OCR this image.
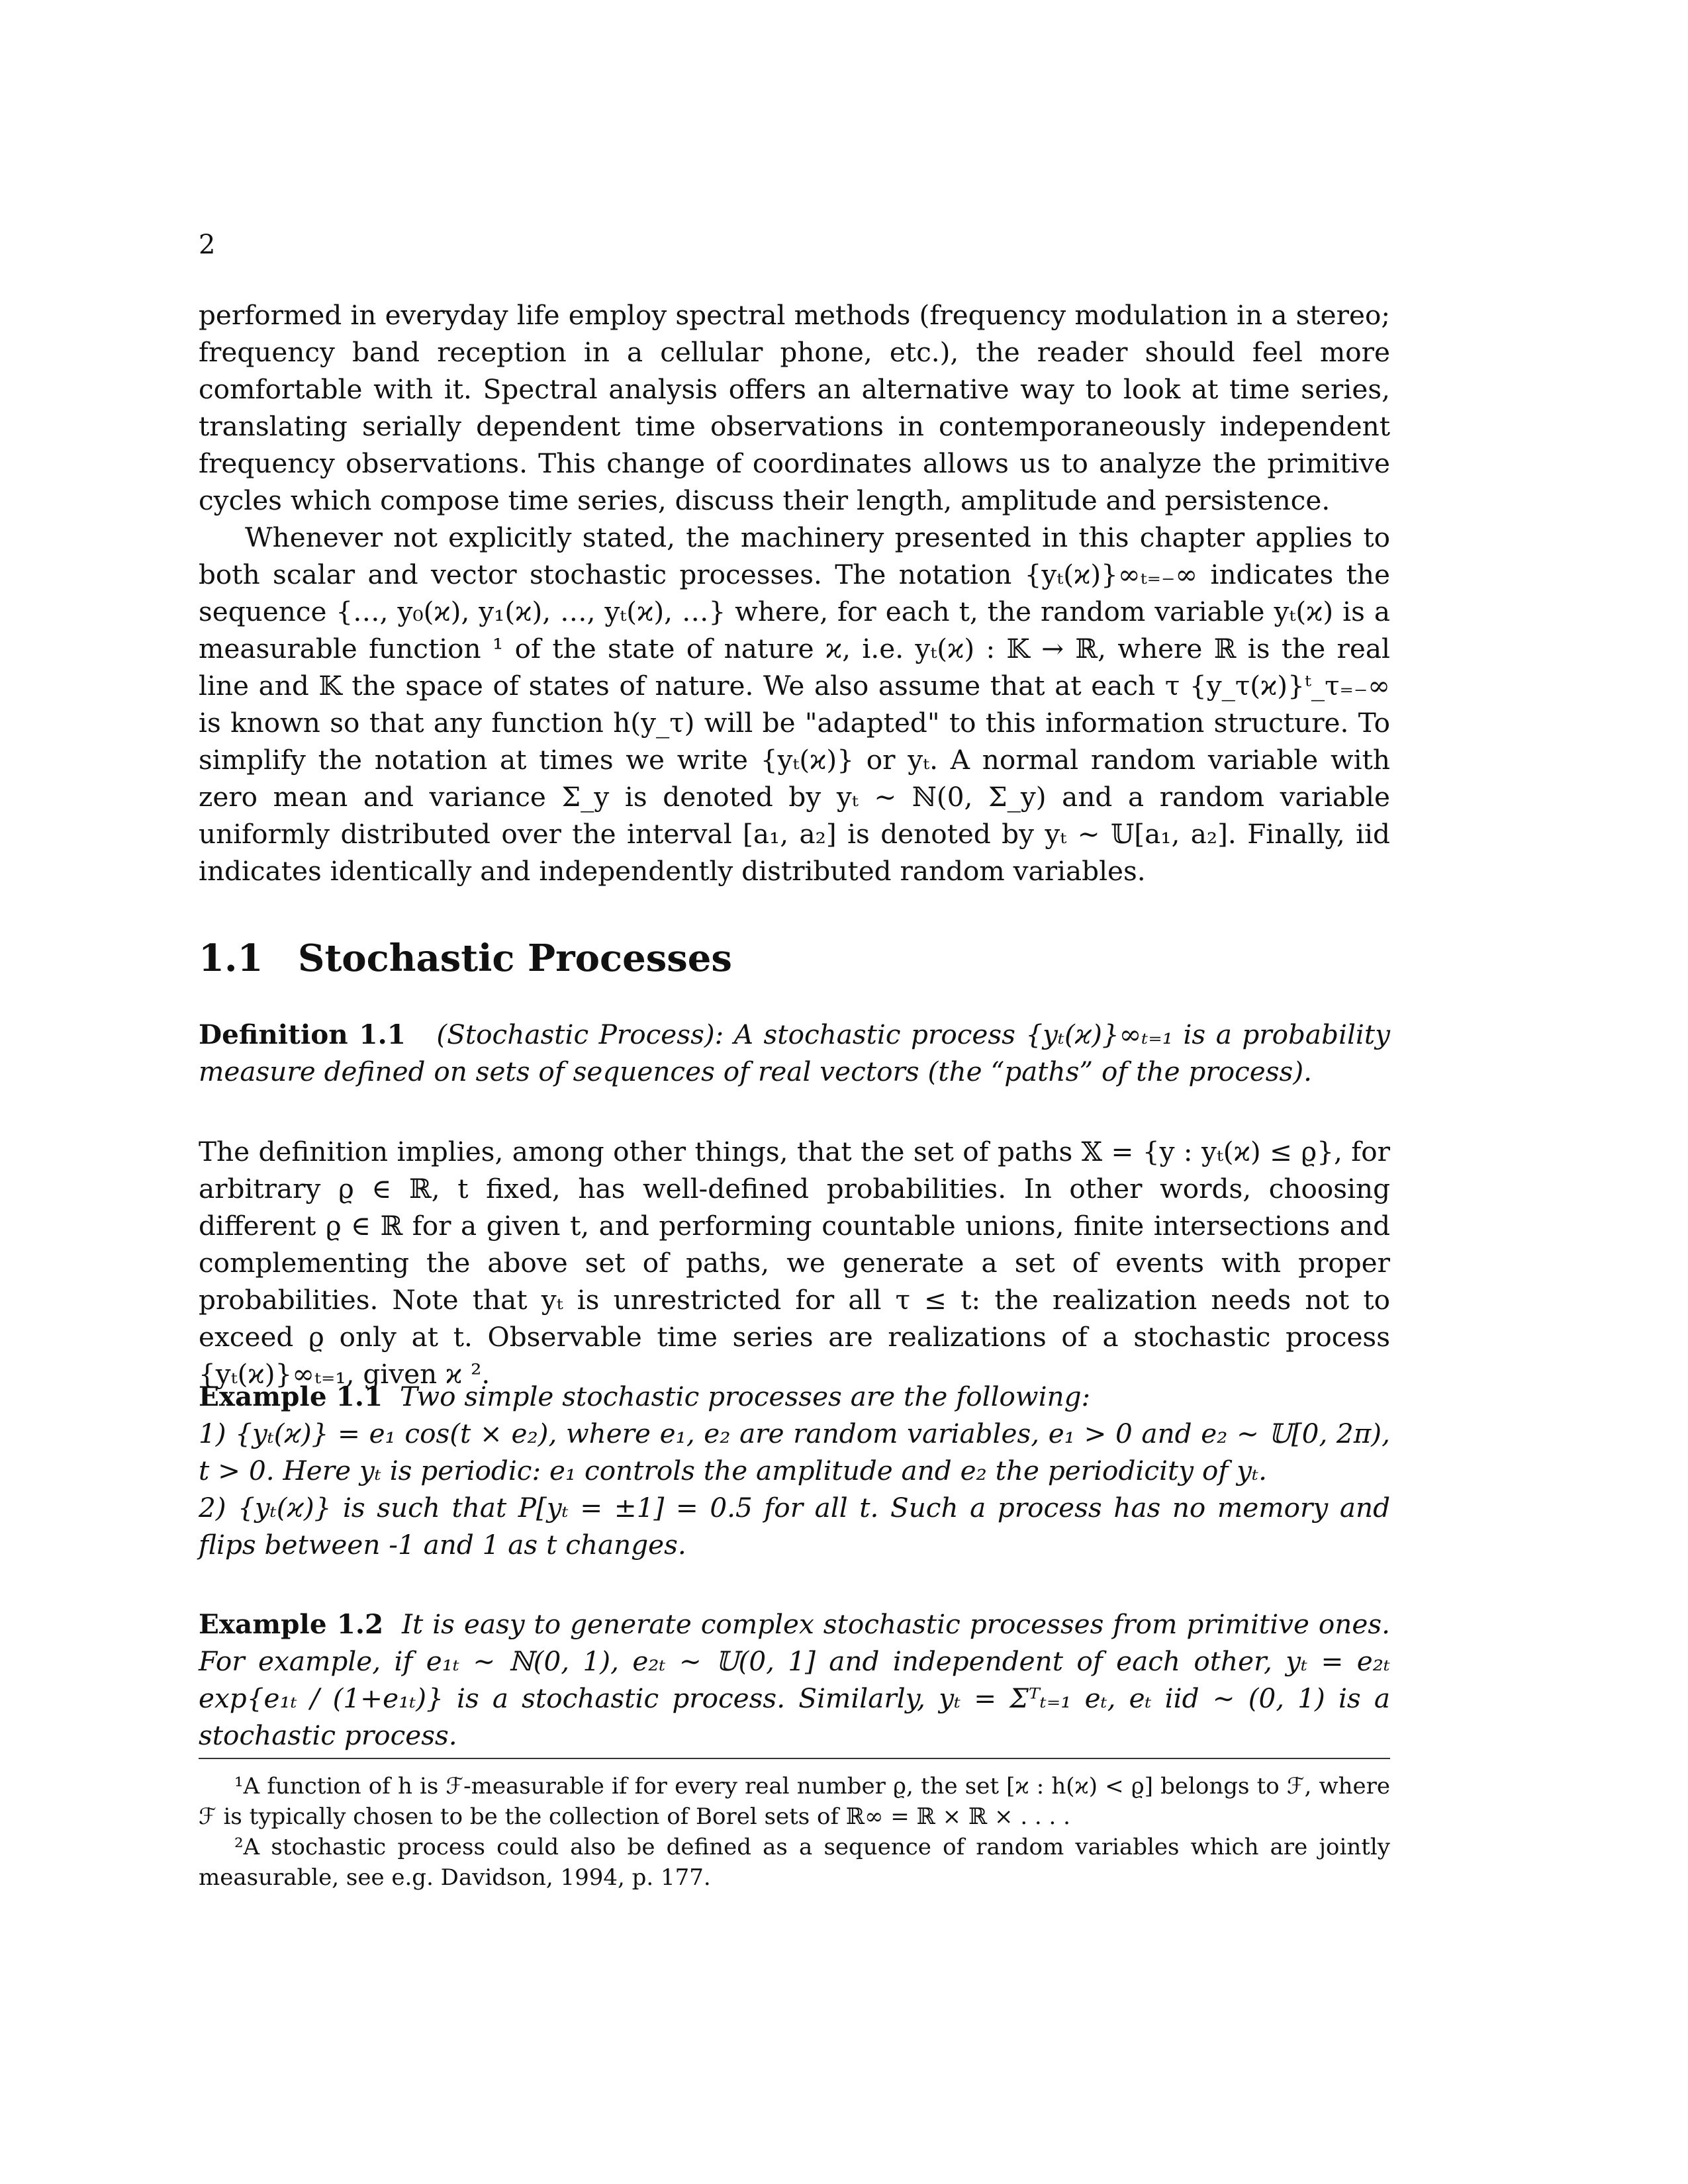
2

performed in everyday life employ spectral methods (frequency modulation in a stereo; frequency band reception in a cellular phone, etc.), the reader should feel more comfortable with it. Spectral analysis offers an alternative way to look at time series, translating serially dependent time observations in contemporaneously independent frequency observations. This change of coordinates allows us to analyze the primitive cycles which compose time series, discuss their length, amplitude and persistence.

Whenever not explicitly stated, the machinery presented in this chapter applies to both scalar and vector stochastic processes. The notation {yₜ(ϰ)}∞ₜ₌₋∞ indicates the sequence {…, y₀(ϰ), y₁(ϰ), …, yₜ(ϰ), …} where, for each t, the random variable yₜ(ϰ) is a measurable function ¹ of the state of nature ϰ, i.e. yₜ(ϰ) : 𝕂 → ℝ, where ℝ is the real line and 𝕂 the space of states of nature. We also assume that at each τ {y_τ(ϰ)}ᵗ_τ₌₋∞ is known so that any function h(y_τ) will be "adapted" to this information structure. To simplify the notation at times we write {yₜ(ϰ)} or yₜ. A normal random variable with zero mean and variance Σ_y is denoted by yₜ ∼ ℕ(0, Σ_y) and a random variable uniformly distributed over the interval [a₁, a₂] is denoted by yₜ ∼ 𝕌[a₁, a₂]. Finally, iid indicates identically and independently distributed random variables.

1.1 Stochastic Processes

Definition 1.1 (Stochastic Process): A stochastic process {yₜ(ϰ)}∞ₜ₌₁ is a probability measure defined on sets of sequences of real vectors (the “paths” of the process).

The definition implies, among other things, that the set of paths 𝕏 = {y : yₜ(ϰ) ≤ ϱ}, for arbitrary ϱ ∈ ℝ, t fixed, has well-defined probabilities. In other words, choosing different ϱ ∈ ℝ for a given t, and performing countable unions, finite intersections and complementing the above set of paths, we generate a set of events with proper probabilities. Note that yₜ is unrestricted for all τ ≤ t: the realization needs not to exceed ϱ only at t. Observable time series are realizations of a stochastic process {yₜ(ϰ)}∞ₜ₌₁, given ϰ ².

Example 1.1 Two simple stochastic processes are the following:

1) {yₜ(ϰ)} = e₁ cos(t × e₂), where e₁, e₂ are random variables, e₁ > 0 and e₂ ∼ 𝕌[0, 2π), t > 0. Here yₜ is periodic: e₁ controls the amplitude and e₂ the periodicity of yₜ.

2) {yₜ(ϰ)} is such that P[yₜ = ±1] = 0.5 for all t. Such a process has no memory and flips between -1 and 1 as t changes.

Example 1.2 It is easy to generate complex stochastic processes from primitive ones. For example, if e₁ₜ ∼ ℕ(0, 1), e₂ₜ ∼ 𝕌(0, 1] and independent of each other, yₜ = e₂ₜ exp{e₁ₜ / (1+e₁ₜ)} is a stochastic process. Similarly, yₜ = Σᵀₜ₌₁ eₜ, eₜ iid ∼ (0, 1) is a stochastic process.

¹A function of h is ℱ-measurable if for every real number ϱ, the set [ϰ : h(ϰ) < ϱ] belongs to ℱ, where ℱ is typically chosen to be the collection of Borel sets of ℝ∞ = ℝ × ℝ × . . . .

²A stochastic process could also be defined as a sequence of random variables which are jointly measurable, see e.g. Davidson, 1994, p. 177.
